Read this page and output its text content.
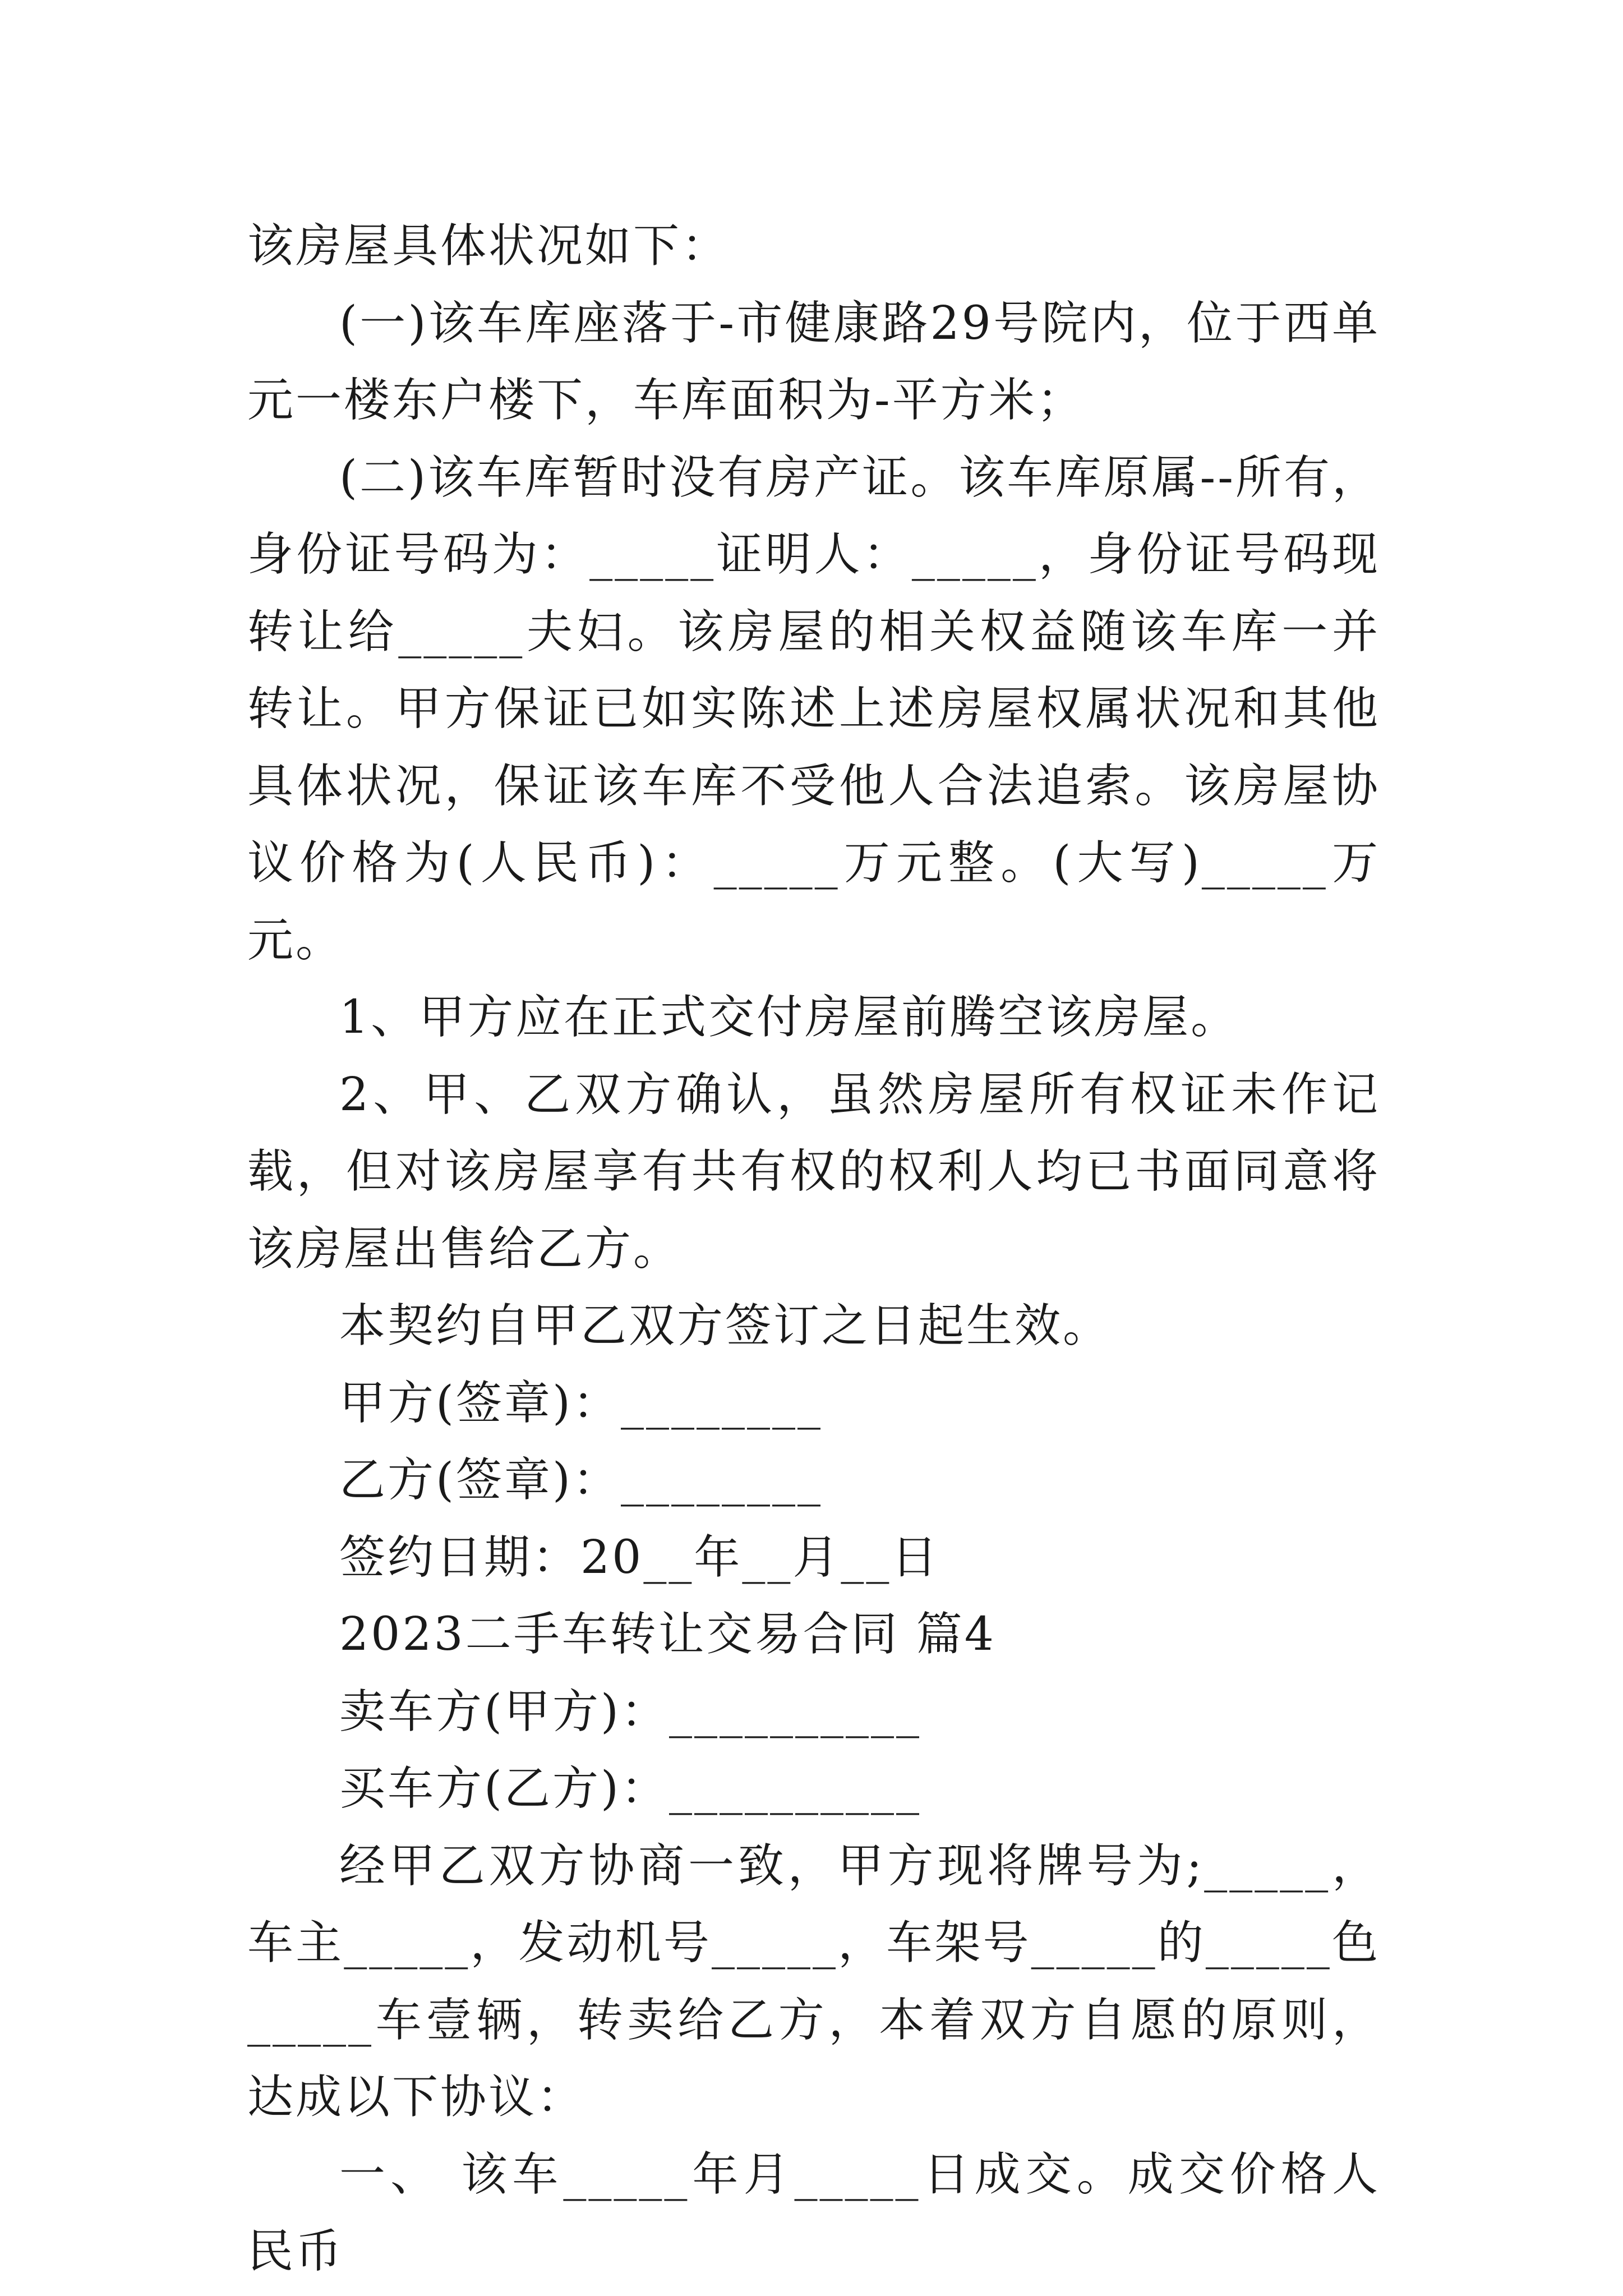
该房屋具体状况如下：

(一)该车库座落于-市健康路29号院内，位于西单元一楼东户楼下，车库面积为-平方米；

(二)该车库暂时没有房产证。该车库原属--所有，身份证号码为：_____证明人：_____，身份证号码现转让给_____夫妇。该房屋的相关权益随该车库一并转让。甲方保证已如实陈述上述房屋权属状况和其他具体状况，保证该车库不受他人合法追索。该房屋协议价格为(人民币)：_____万元整。(大写)_____万元。

1、甲方应在正式交付房屋前腾空该房屋。

2、甲、乙双方确认，虽然房屋所有权证未作记载，但对该房屋享有共有权的权利人均已书面同意将该房屋出售给乙方。

本契约自甲乙双方签订之日起生效。

甲方(签章)：________

乙方(签章)：________

签约日期：20__年__月__日

2023二手车转让交易合同 篇4

卖车方(甲方)：__________

买车方(乙方)：__________

经甲乙双方协商一致，甲方现将牌号为;_____，车主_____，发动机号_____，车架号_____的_____色_____车壹辆，转卖给乙方，本着双方自愿的原则，达成以下协议：

一、 该车_____年月_____日成交。成交价格人民币
